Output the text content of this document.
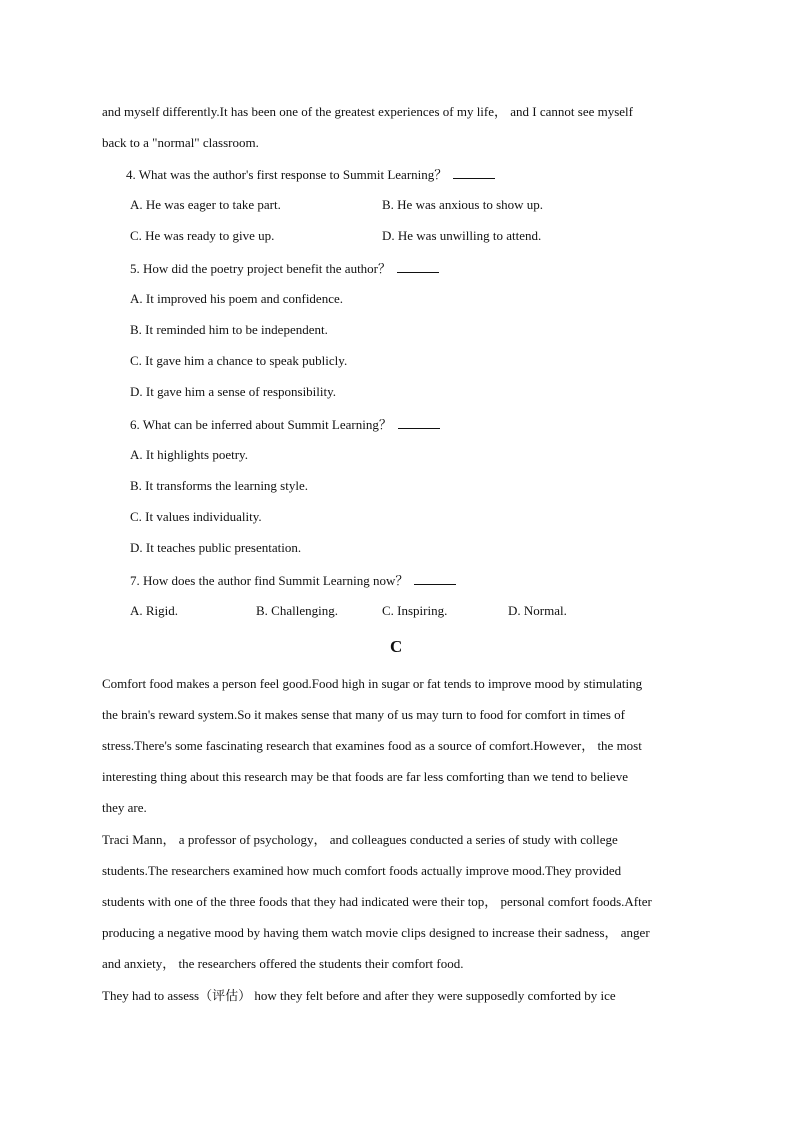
and myself differently.It has been one of the greatest experiences of my life， and I cannot see myself
back to a "normal" classroom.
4. What was the author's first response to Summit Learning？
A. He was eager to take part.	B. He was anxious to show up.
C. He was ready to give up.	D. He was unwilling to attend.
5. How did the poetry project benefit the author？
A. It improved his poem and confidence.
B. It reminded him to be independent.
C. It gave him a chance to speak publicly.
D. It gave him a sense of responsibility.
6. What can be inferred about Summit Learning？
A. It highlights poetry.
B. It transforms the learning style.
C. It values individuality.
D. It teaches public presentation.
7. How does the author find Summit Learning now？
A. Rigid.	B. Challenging.	C. Inspiring.	D. Normal.
C
Comfort food makes a person feel good.Food high in sugar or fat tends to improve mood by stimulating
the brain's reward system.So it makes sense that many of us may turn to food for comfort in times of
stress.There's some fascinating research that examines food as a source of comfort.However， the most
interesting thing about this research may be that foods are far less comforting than we tend to believe
they are.
Traci Mann， a professor of psychology， and colleagues conducted a series of study with college
students.The researchers examined how much comfort foods actually improve mood.They provided
students with one of the three foods that they had indicated were their top， personal comfort foods.After
producing a negative mood by having them watch movie clips designed to increase their sadness， anger
and anxiety， the researchers offered the students their comfort food.
They had to assess（评估） how they felt before and after they were supposedly comforted by ice
